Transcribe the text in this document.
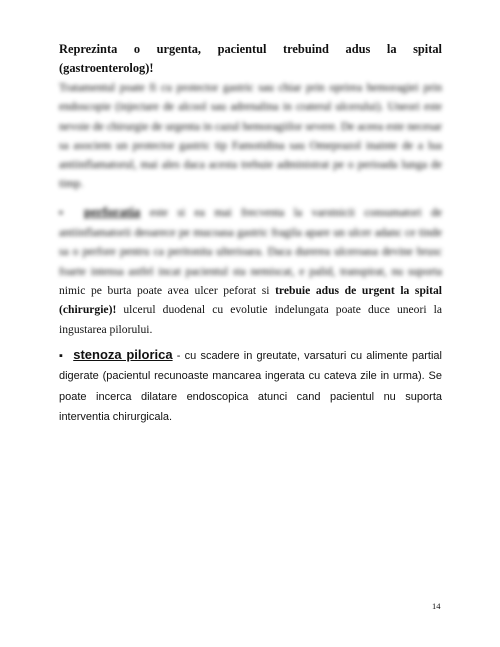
Reprezinta o urgenta, pacientul trebuind adus la spital (gastroenterolog)!

Tratamentul poate fi cu protector gastric sau chiar prin oprirea hemoragiei prin endoscopie (injectare de alcool sau adrenalina in craterul ulcerului). Uneori este nevoie de chirurgie de urgenta in cazul hemoragiilor severe. De aceea este necesar sa asociem un protector gastric tip Famotidina sau Omeprazol inainte de a lua antiinflamatorul, mai ales daca acesta trebuie administrat pe o perioada lunga de timp.

▪ perforatia este si ea mai frecventa la varstnicii consumatori de antiinflamatorii deoarece pe mucoasa gastric fragila apare un ulcer adanc ce tinde sa o perfore pentru ca peritonita ulterioara. Daca durerea ulceroasa devine brusc foarte intensa astfel incat pacientul sta nemiscat, e palid, transpirat, nu suporta nimic pe burta poate avea ulcer peforat si trebuie adus de urgent la spital (chirurgie)! ulcerul duodenal cu evolutie indelungata poate duce uneori la ingustarea pilorului.

▪ stenoza pilorica - cu scadere in greutate, varsaturi cu alimente partial digerate (pacientul recunoaste mancarea ingerata cu cateva zile in urma). Se poate incerca dilatare endoscopica atunci cand pacientul nu suporta interventia chirurgicala.

14
